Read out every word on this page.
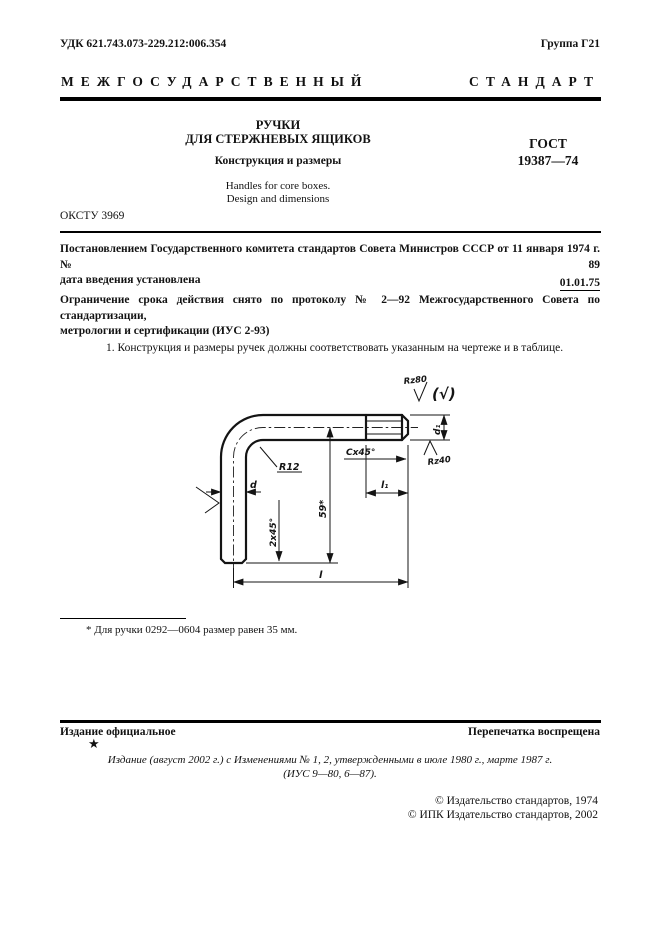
УДК 621.743.073-229.212:006.354	Группа Г21
МЕЖГОСУДАРСТВЕННЫЙ	СТАНДАРТ
РУЧКИ
ДЛЯ СТЕРЖНЕВЫХ ЯЩИКОВ
Конструкция и размеры
Handles for core boxes.
Design and dimensions
ГОСТ
19387—74
ОКСТУ 3969
Постановлением Государственного комитета стандартов Совета Министров СССР от 11 января 1974 г. № 89
дата введения установлена	01.01.75
Ограничение срока действия снято по протоколу № 2—92 Межгосударственного Совета по стандартизации,
метрологии и сертификации (ИУС 2-93)
1. Конструкция и размеры ручек должны соответствовать указанным на чертеже и в таблице.
Rz80
(√)
R12
d
59*
2x45°
Cx45°
Rz40
d₁
l₁
l
* Для ручки 0292—0604 размер равен 35 мм.
Издание официальное	Перепечатка воспрещена
★
Издание (август 2002 г.) с Изменениями № 1, 2, утвержденными в июле 1980 г., марте 1987 г.
(ИУС 9—80, 6—87).
© Издательство стандартов, 1974
© ИПК Издательство стандартов, 2002
